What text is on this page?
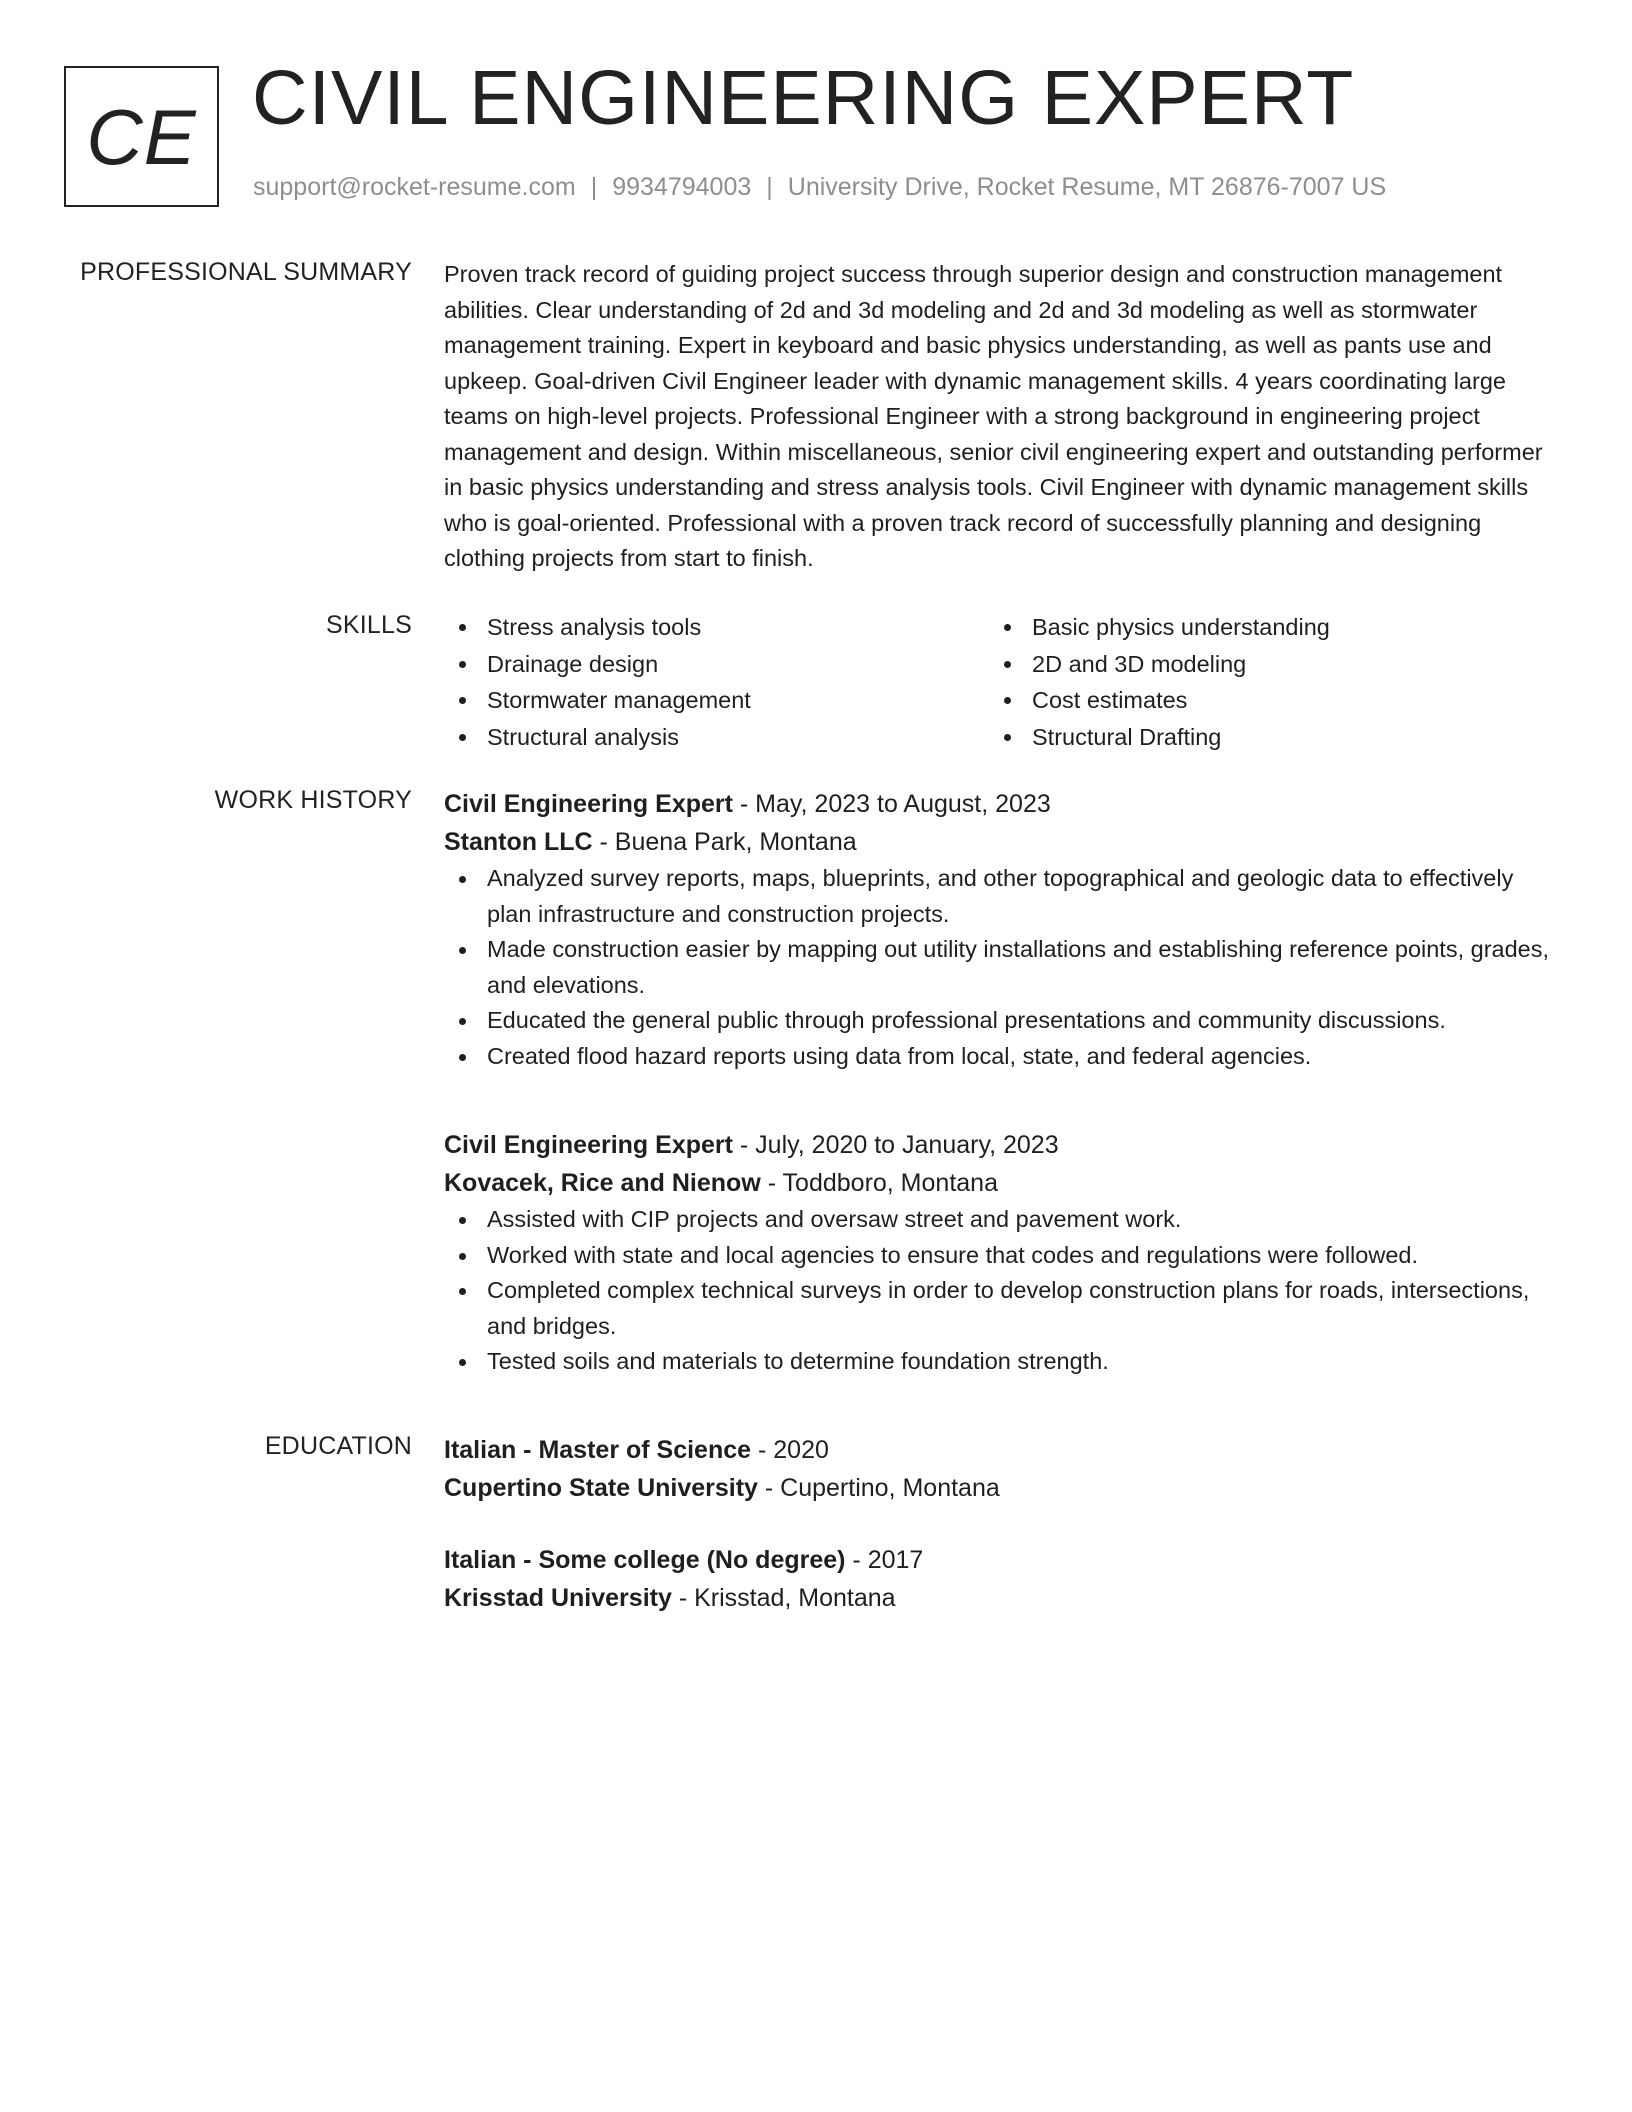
CE CIVIL ENGINEERING EXPERT
support@rocket-resume.com | 9934794003 | University Drive, Rocket Resume, MT 26876-7007 US
PROFESSIONAL SUMMARY Proven track record of guiding project success through superior design and construction management abilities. Clear understanding of 2d and 3d modeling and 2d and 3d modeling as well as stormwater management training. Expert in keyboard and basic physics understanding, as well as pants use and upkeep. Goal-driven Civil Engineer leader with dynamic management skills. 4 years coordinating large teams on high-level projects. Professional Engineer with a strong background in engineering project management and design. Within miscellaneous, senior civil engineering expert and outstanding performer in basic physics understanding and stress analysis tools. Civil Engineer with dynamic management skills who is goal-oriented. Professional with a proven track record of successfully planning and designing clothing projects from start to finish.

SKILLS	Stress analysis tools
Drainage design
Stormwater management
Structural analysis
Basic physics understanding
2D and 3D modeling
Cost estimates
Structural Drafting
WORK HISTORY Civil Engineering Expert - May, 2023 to August, 2023
Stanton LLC - Buena Park, Montana
Analyzed survey reports, maps, blueprints, and other topographical and geologic data to effectively plan infrastructure and construction projects.
Made construction easier by mapping out utility installations and establishing reference points, grades, and elevations.
Educated the general public through professional presentations and community discussions.
Created flood hazard reports using data from local, state, and federal agencies.
Civil Engineering Expert - July, 2020 to January, 2023
Kovacek, Rice and Nienow - Toddboro, Montana
Assisted with CIP projects and oversaw street and pavement work.
Worked with state and local agencies to ensure that codes and regulations were followed.
Completed complex technical surveys in order to develop construction plans for roads, intersections, and bridges.
Tested soils and materials to determine foundation strength.
EDUCATION Italian - Master of Science - 2020
Cupertino State University - Cupertino, Montana
Italian - Some college (No degree) - 2017
Krisstad University - Krisstad, Montana
